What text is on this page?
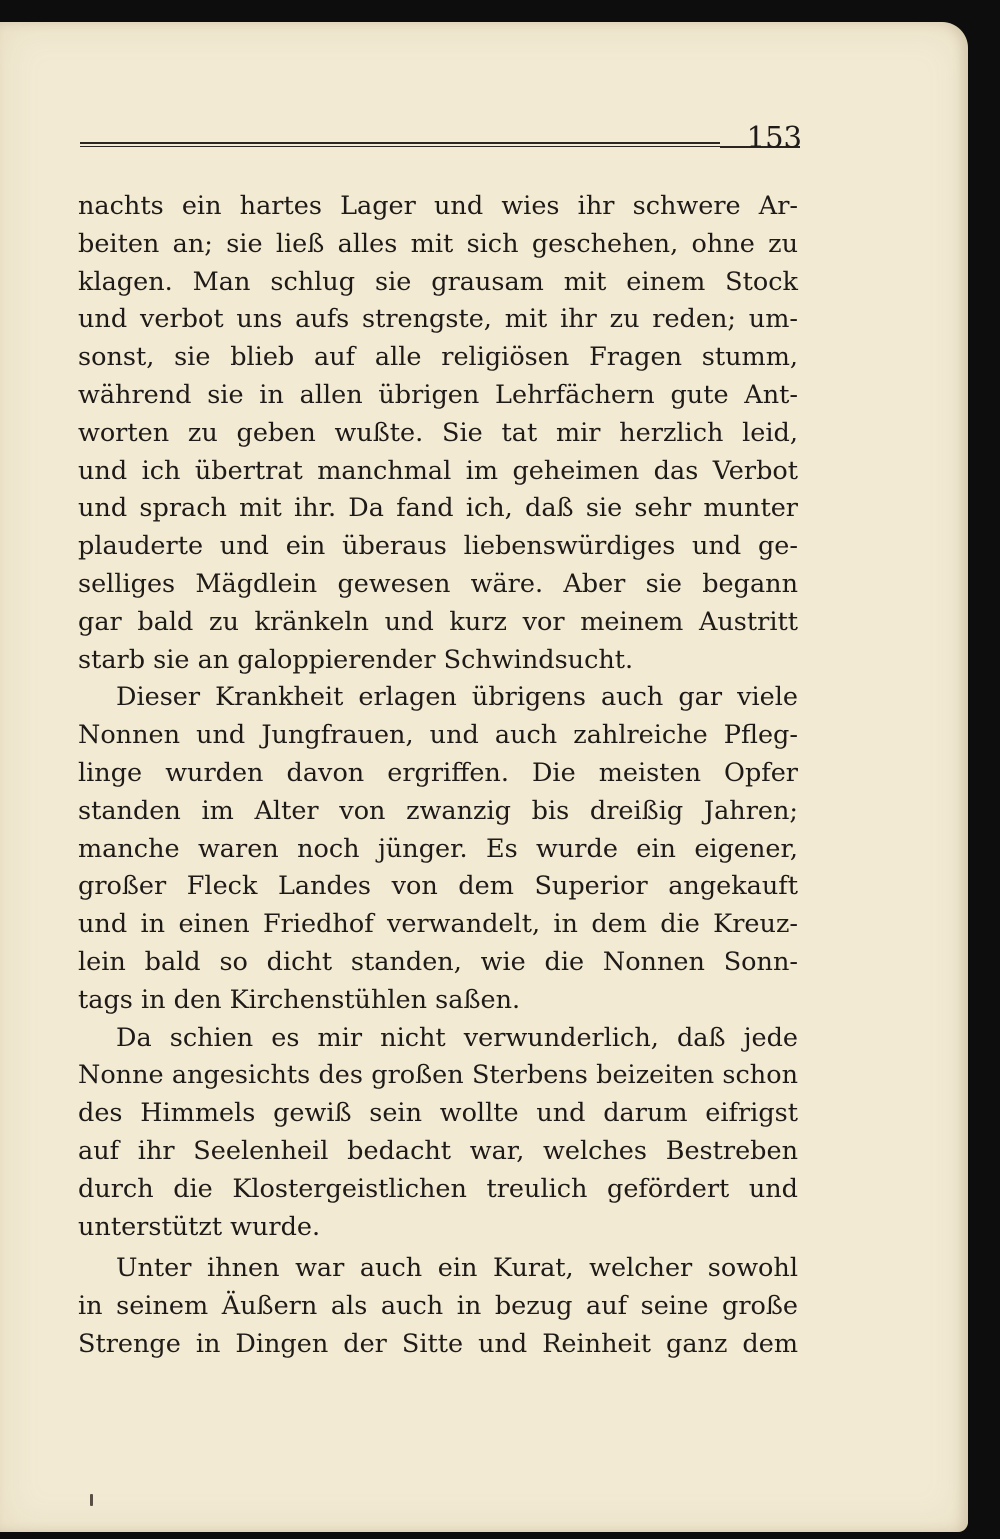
153
nachts ein hartes Lager und wies ihr schwere Ar-
beiten an; sie ließ alles mit sich geschehen, ohne zu
klagen. Man schlug sie grausam mit einem Stock
und verbot uns aufs strengste, mit ihr zu reden; um-
sonst, sie blieb auf alle religiösen Fragen stumm,
während sie in allen übrigen Lehrfächern gute Ant-
worten zu geben wußte. Sie tat mir herzlich leid,
und ich übertrat manchmal im geheimen das Verbot
und sprach mit ihr. Da fand ich, daß sie sehr munter
plauderte und ein überaus liebenswürdiges und ge-
selliges Mägdlein gewesen wäre. Aber sie begann
gar bald zu kränkeln und kurz vor meinem Austritt
starb sie an galoppierender Schwindsucht.
Dieser Krankheit erlagen übrigens auch gar viele
Nonnen und Jungfrauen, und auch zahlreiche Pfleg-
linge wurden davon ergriffen. Die meisten Opfer
standen im Alter von zwanzig bis dreißig Jahren;
manche waren noch jünger. Es wurde ein eigener,
großer Fleck Landes von dem Superior angekauft
und in einen Friedhof verwandelt, in dem die Kreuz-
lein bald so dicht standen, wie die Nonnen Sonn-
tags in den Kirchenstühlen saßen.
Da schien es mir nicht verwunderlich, daß jede
Nonne angesichts des großen Sterbens beizeiten schon
des Himmels gewiß sein wollte und darum eifrigst
auf ihr Seelenheil bedacht war, welches Bestreben
durch die Klostergeistlichen treulich gefördert und
unterstützt wurde.
Unter ihnen war auch ein Kurat, welcher sowohl
in seinem Äußern als auch in bezug auf seine große
Strenge in Dingen der Sitte und Reinheit ganz dem
